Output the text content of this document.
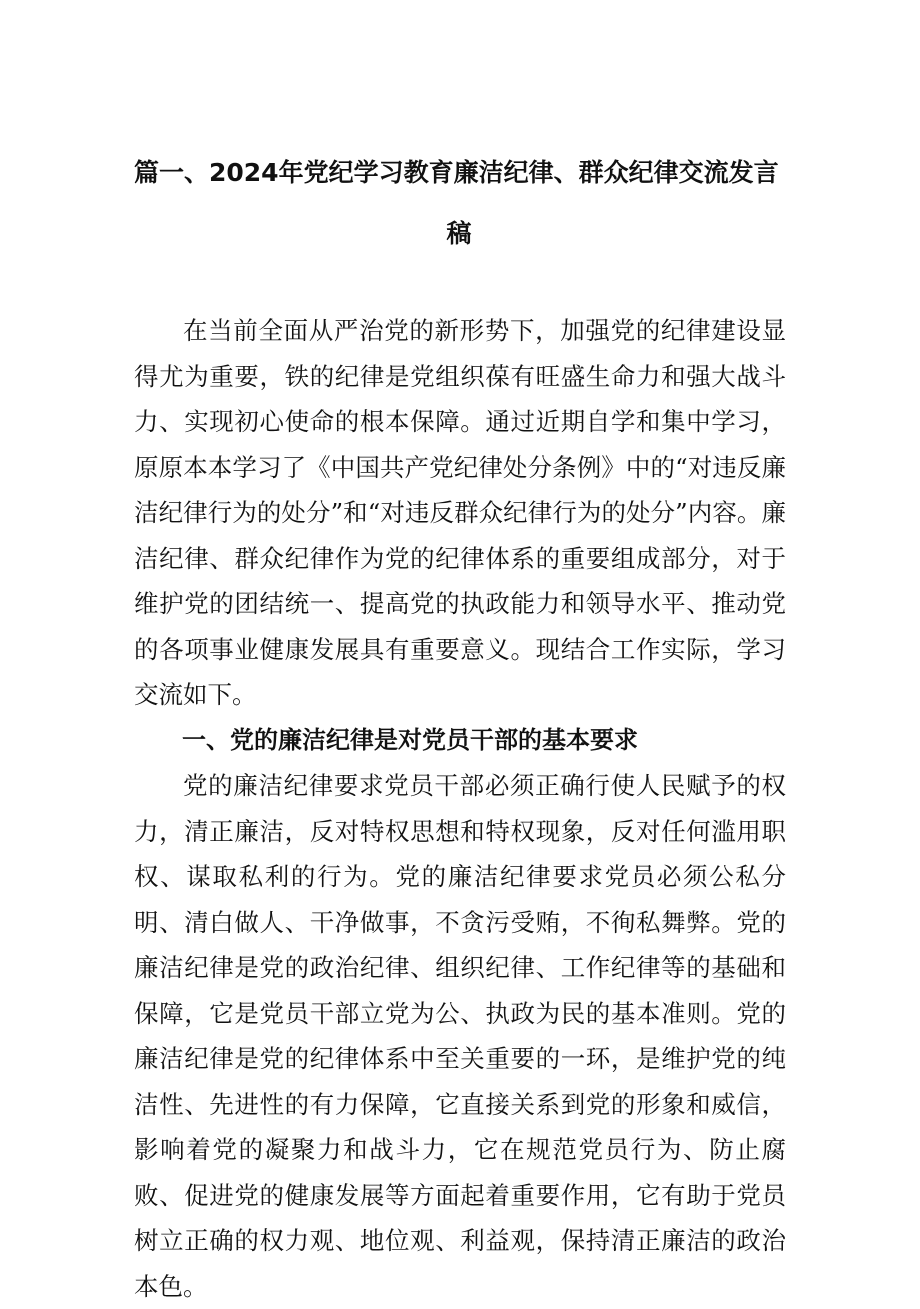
篇一、2024年党纪学习教育廉洁纪律、群众纪律交流发言
稿

在当前全面从严治党的新形势下，加强党的纪律建设显得尤为重要，铁的纪律是党组织葆有旺盛生命力和强大战斗力、实现初心使命的根本保障。通过近期自学和集中学习，原原本本学习了《中国共产党纪律处分条例》中的“对违反廉洁纪律行为的处分”和“对违反群众纪律行为的处分”内容。廉洁纪律、群众纪律作为党的纪律体系的重要组成部分，对于维护党的团结统一、提高党的执政能力和领导水平、推动党的各项事业健康发展具有重要意义。现结合工作实际，学习交流如下。

一、党的廉洁纪律是对党员干部的基本要求

党的廉洁纪律要求党员干部必须正确行使人民赋予的权力，清正廉洁，反对特权思想和特权现象，反对任何滥用职权、谋取私利的行为。党的廉洁纪律要求党员必须公私分明、清白做人、干净做事，不贪污受贿，不徇私舞弊。党的廉洁纪律是党的政治纪律、组织纪律、工作纪律等的基础和保障，它是党员干部立党为公、执政为民的基本准则。党的廉洁纪律是党的纪律体系中至关重要的一环，是维护党的纯洁性、先进性的有力保障，它直接关系到党的形象和威信，影响着党的凝聚力和战斗力，它在规范党员行为、防止腐败、促进党的健康发展等方面起着重要作用，它有助于党员树立正确的权力观、地位观、利益观，保持清正廉洁的政治本色。
